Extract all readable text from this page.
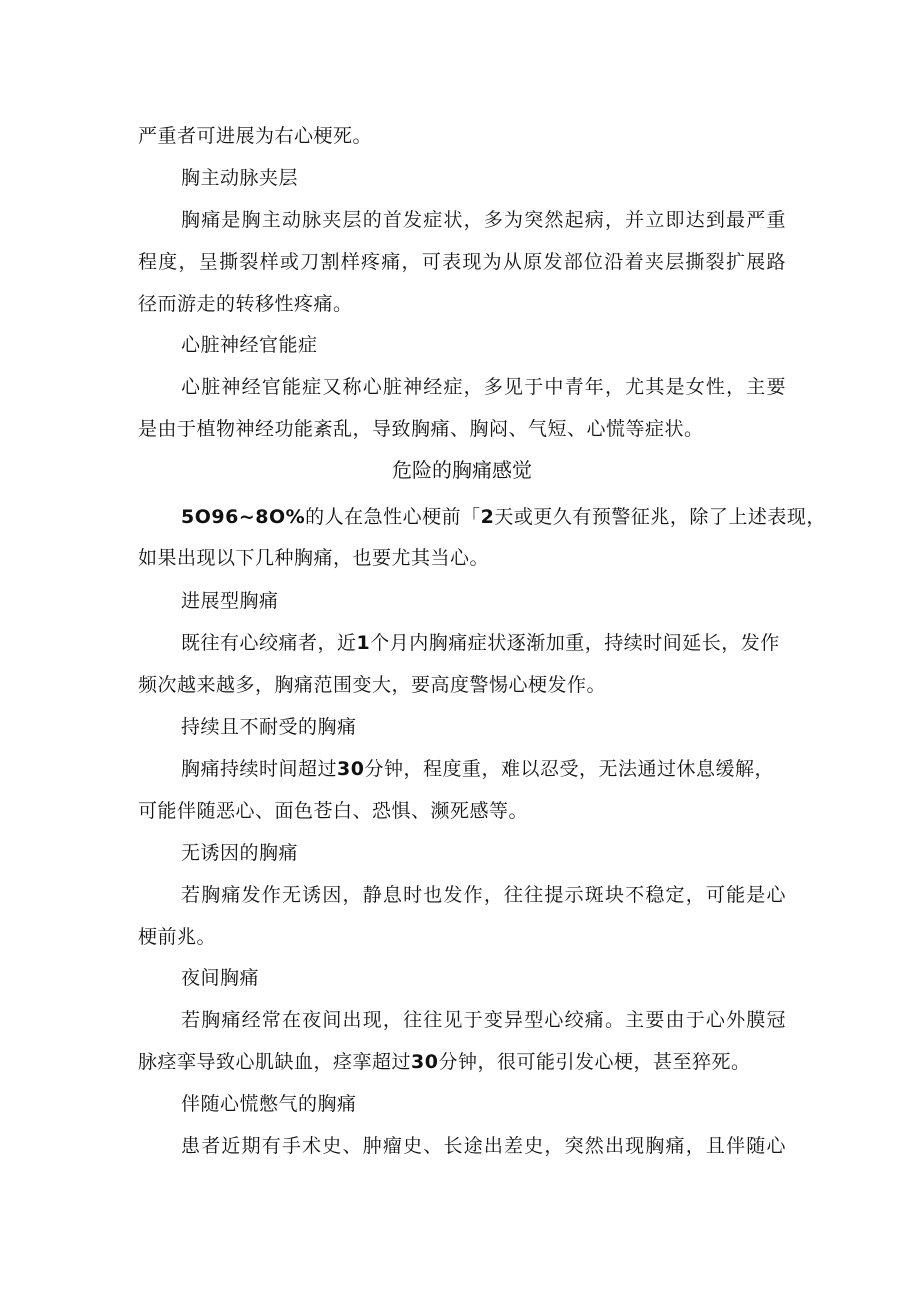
严重者可进展为右心梗死。
胸主动脉夹层
胸痛是胸主动脉夹层的首发症状，多为突然起病，并立即达到最严重
程度，呈撕裂样或刀割样疼痛，可表现为从原发部位沿着夹层撕裂扩展路
径而游走的转移性疼痛。
心脏神经官能症
心脏神经官能症又称心脏神经症，多见于中青年，尤其是女性，主要
是由于植物神经功能紊乱，导致胸痛、胸闷、气短、心慌等症状。
危险的胸痛感觉
5O96~8O%的人在急性心梗前「2天或更久有预警征兆，除了上述表现，
如果出现以下几种胸痛，也要尤其当心。
进展型胸痛
既往有心绞痛者，近1个月内胸痛症状逐渐加重，持续时间延长，发作
频次越来越多，胸痛范围变大，要高度警惕心梗发作。
持续且不耐受的胸痛
胸痛持续时间超过30分钟，程度重，难以忍受，无法通过休息缓解，
可能伴随恶心、面色苍白、恐惧、濒死感等。
无诱因的胸痛
若胸痛发作无诱因，静息时也发作，往往提示斑块不稳定，可能是心
梗前兆。
夜间胸痛
若胸痛经常在夜间出现，往往见于变异型心绞痛。主要由于心外膜冠
脉痉挛导致心肌缺血，痉挛超过30分钟，很可能引发心梗，甚至猝死。
伴随心慌憋气的胸痛
患者近期有手术史、肿瘤史、长途出差史，突然出现胸痛，且伴随心
